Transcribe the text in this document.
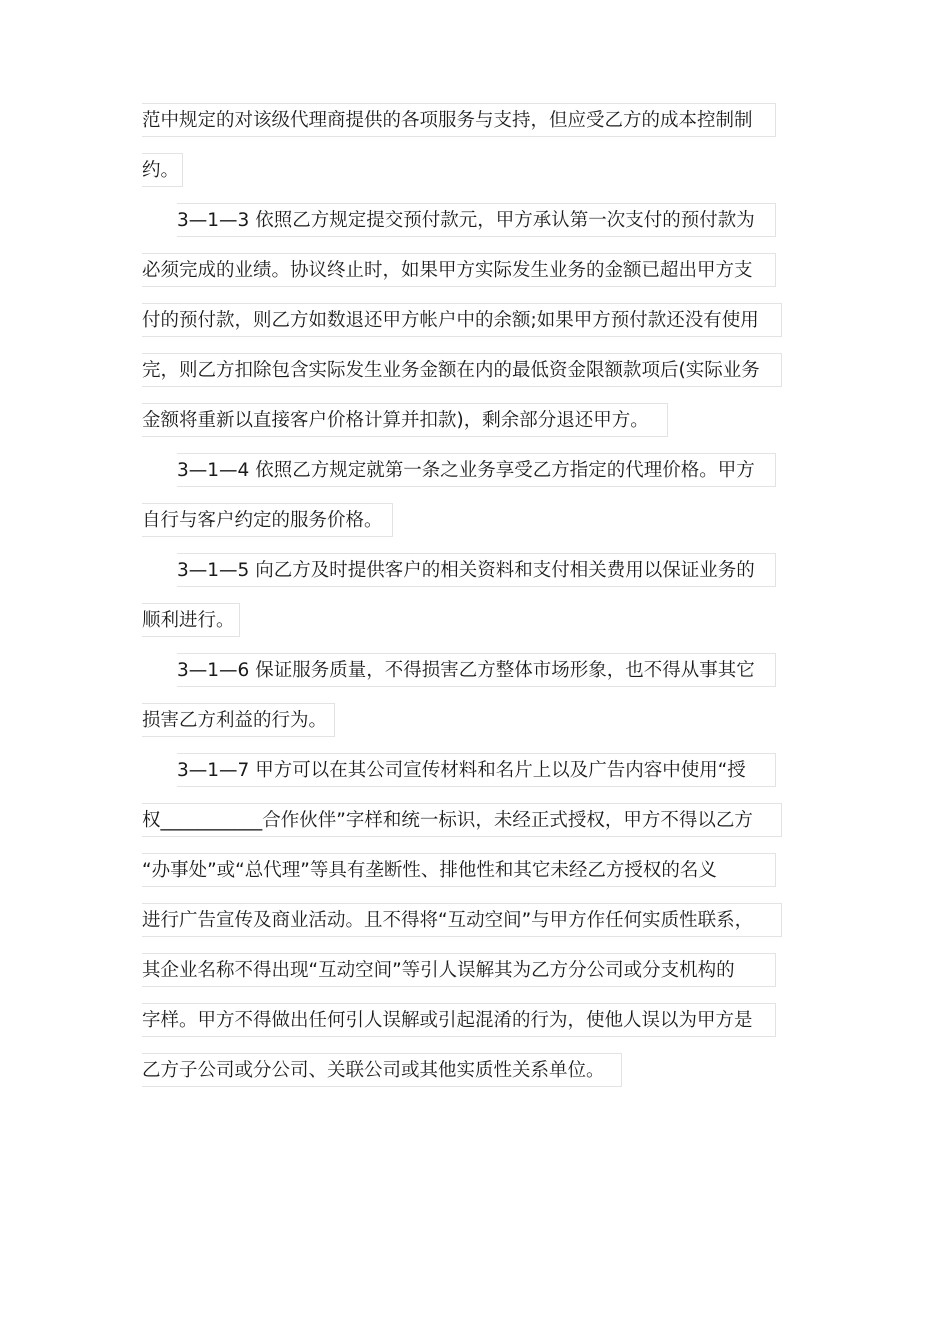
范中规定的对该级代理商提供的各项服务与支持，但应受乙方的成本控制制
约。
3—1—3 依照乙方规定提交预付款元，甲方承认第一次支付的预付款为
必须完成的业绩。协议终止时，如果甲方实际发生业务的金额已超出甲方支
付的预付款，则乙方如数退还甲方帐户中的余额;如果甲方预付款还没有使用
完，则乙方扣除包含实际发生业务金额在内的最低资金限额款项后(实际业务
金额将重新以直接客户价格计算并扣款)，剩余部分退还甲方。
3—1—4 依照乙方规定就第一条之业务享受乙方指定的代理价格。甲方
自行与客户约定的服务价格。
3—1—5 向乙方及时提供客户的相关资料和支付相关费用以保证业务的
顺利进行。
3—1—6 保证服务质量，不得损害乙方整体市场形象，也不得从事其它
损害乙方利益的行为。
3—1—7 甲方可以在其公司宣传材料和名片上以及广告内容中使用“授
权___________合作伙伴”字样和统一标识，未经正式授权，甲方不得以乙方
“办事处”或“总代理”等具有垄断性、排他性和其它未经乙方授权的名义
进行广告宣传及商业活动。且不得将“互动空间”与甲方作任何实质性联系，
其企业名称不得出现“互动空间”等引人误解其为乙方分公司或分支机构的
字样。甲方不得做出任何引人误解或引起混淆的行为，使他人误以为甲方是
乙方子公司或分公司、关联公司或其他实质性关系单位。
